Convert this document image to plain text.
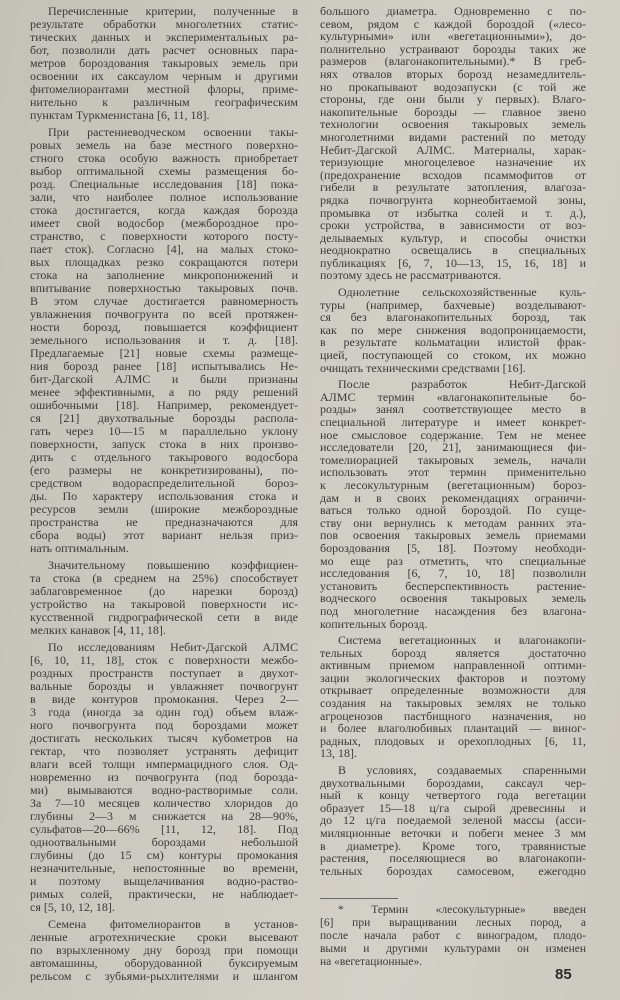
Перечисленные критерии, полученные в
результате обработки многолетних статис-
тических данных и экспериментальных ра-
бот, позволили дать расчет основных пара-
метров бороздования такыровых земель при
освоении их саксаулом черным и другими
фитомелиорантами местной флоры, приме-
нительно к различным географическим
пунктам Туркменистана [6, 11, 18].
При растениеводческом освоении такы-
ровых земель на базе местного поверхно-
стного стока особую важность приобретает
выбор оптимальной схемы размещения бо-
розд. Специальные исследования [18] пока-
зали, что наиболее полное использование
стока достигается, когда каждая борозда
имеет свой водосбор (межбороздное про-
странство, с поверхности которого посту-
пает сток). Согласно [4], на малых стоко-
вых площадках резко сокращаются потери
стока на заполнение микропонижений и
впитывание поверхностью такыровых почв.
В этом случае достигается равномерность
увлажнения почвогрунта по всей протяжен-
ности борозд, повышается коэффициент
земельного использования и т. д. [18].
Предлагаемые [21] новые схемы размеще-
ния борозд ранее [18] испытывались Не-
бит-Дагской АЛМС и были признаны
менее эффективными, а по ряду решений
ошибочными [18]. Например, рекомендует-
ся [21] двухотвальные борозды распола-
гать через 10—15 м параллельно уклону
поверхности, запуск стока в них произво-
дить с отдельного такырового водосбора
(его размеры не конкретизированы), по-
средством водораспределительной бороз-
ды. По характеру использования стока и
ресурсов земли (широкие межбороздные
пространства не предназначаются для
сбора воды) этот вариант нельзя приз-
нать оптимальным.
Значительному повышению коэффициен-
та стока (в среднем на 25%) способствует
заблаговременное (до нарезки борозд)
устройство на такыровой поверхности ис-
кусственной гидрографической сети в виде
мелких канавок [4, 11, 18].
По исследованиям Небит-Дагской АЛМС
[6, 10, 11, 18], сток с поверхности межбо-
роздных пространств поступает в двухот-
вальные борозды и увлажняет почвогрунт
в виде контуров промокания. Через 2—
3 года (иногда за один год) объем влаж-
ного почвогрунта под бороздами может
достигать нескольких тысяч кубометров на
гектар, что позволяет устранять дефицит
влаги всей толщи импермацидного слоя. Од-
новременно из почвогрунта (под борозда-
ми) вымываются водно-растворимые соли.
За 7—10 месяцев количество хлоридов до
глубины 2—3 м снижается на 28—90%,
сульфатов—20—66% [11, 12, 18]. Под
одноотвальными бороздами небольшой
глубины (до 15 см) контуры промокания
незначительные, непостоянные во времени,
и поэтому выщелачивания водно-раство-
римых солей, практически, не наблюдает-
ся [5, 10, 12, 18].
Семена фитомелиорантов в установ-
ленные агротехнические сроки высевают
по взрыхленному дну борозд при помощи
автомашины, оборудованной буксируемым
рельсом с зубьями-рыхлителями и шлангом
большого диаметра. Одновременно с по-
севом, рядом с каждой бороздой («лесо-
культурными» или «вегетационными»), до-
полнительно устраивают борозды таких же
размеров (влагонакопительными).* В греб-
нях отвалов вторых борозд незамедлитель-
но прокапывают водозапуски (с той же
стороны, где они были у первых). Влаго-
накопительные борозды — главное звено
технологии освоения такыровых земель
многолетними видами растений по методу
Небит-Дагской АЛМС. Материалы, харак-
теризующие многоцелевое назначение их
(предохранение всходов псаммофитов от
гибели в результате затопления, влагоза-
рядка почвогрунта корнеобитаемой зоны,
промывка от избытка солей и т. д.),
сроки устройства, в зависимости от воз-
делываемых культур, и способы очистки
неоднократно освещались в специальных
публикациях [6, 7, 10—13, 15, 16, 18] и
поэтому здесь не рассматриваются.
Однолетние сельскохозяйственные куль-
туры (например, бахчевые) возделывают-
ся без влагонакопительных борозд, так
как по мере снижения водопроницаемости,
в результате кольматации илистой фрак-
цией, поступающей со стоком, их можно
очищать техническими средствами [16].
После разработок Небит-Дагской
АЛМС термин «влагонакопительные бо-
розды» занял соответствующее место в
специальной литературе и имеет конкрет-
ное смысловое содержание. Тем не менее
исследователи [20, 21], занимающиеся фи-
томелиорацией такыровых земель, начали
использовать этот термин применительно
к лесокультурным (вегетационным) бороз-
дам и в своих рекомендациях ограничи-
ваться только одной бороздой. По суще-
ству они вернулись к методам ранних эта-
пов освоения такыровых земель приемами
бороздования [5, 18]. Поэтому необходи-
мо еще раз отметить, что специальные
исследования [6, 7, 10, 18] позволили
установить бесперспективность растение-
водческого освоения такыровых земель
под многолетние насаждения без влагона-
копительных борозд.
Система вегетационных и влагонакопи-
тельных борозд является достаточно
активным приемом направленной оптими-
зации экологических факторов и поэтому
открывает определенные возможности для
создания на такыровых землях не только
агроценозов пастбищного назначения, но
и более влаголюбивых плантаций — виног-
радных, плодовых и орехоплодных [6, 11,
13, 18].
В условиях, создаваемых спаренными
двухотвальными бороздами, саксаул чер-
ный к концу четвертого года вегетации
образует 15—18 ц/га сырой древесины и
до 12 ц/га поедаемой зеленой массы (асси-
миляционные веточки и побеги менее 3 мм
в диаметре). Кроме того, травянистые
растения, поселяющиеся во влагонакопи-
тельных бороздах самосевом, ежегодно
* Термин «лесокультурные» введен
[6] при выращивании лесных пород, а
после начала работ с виноградом, плодо-
выми и другими культурами он изменен
на «вегетационные».
85
